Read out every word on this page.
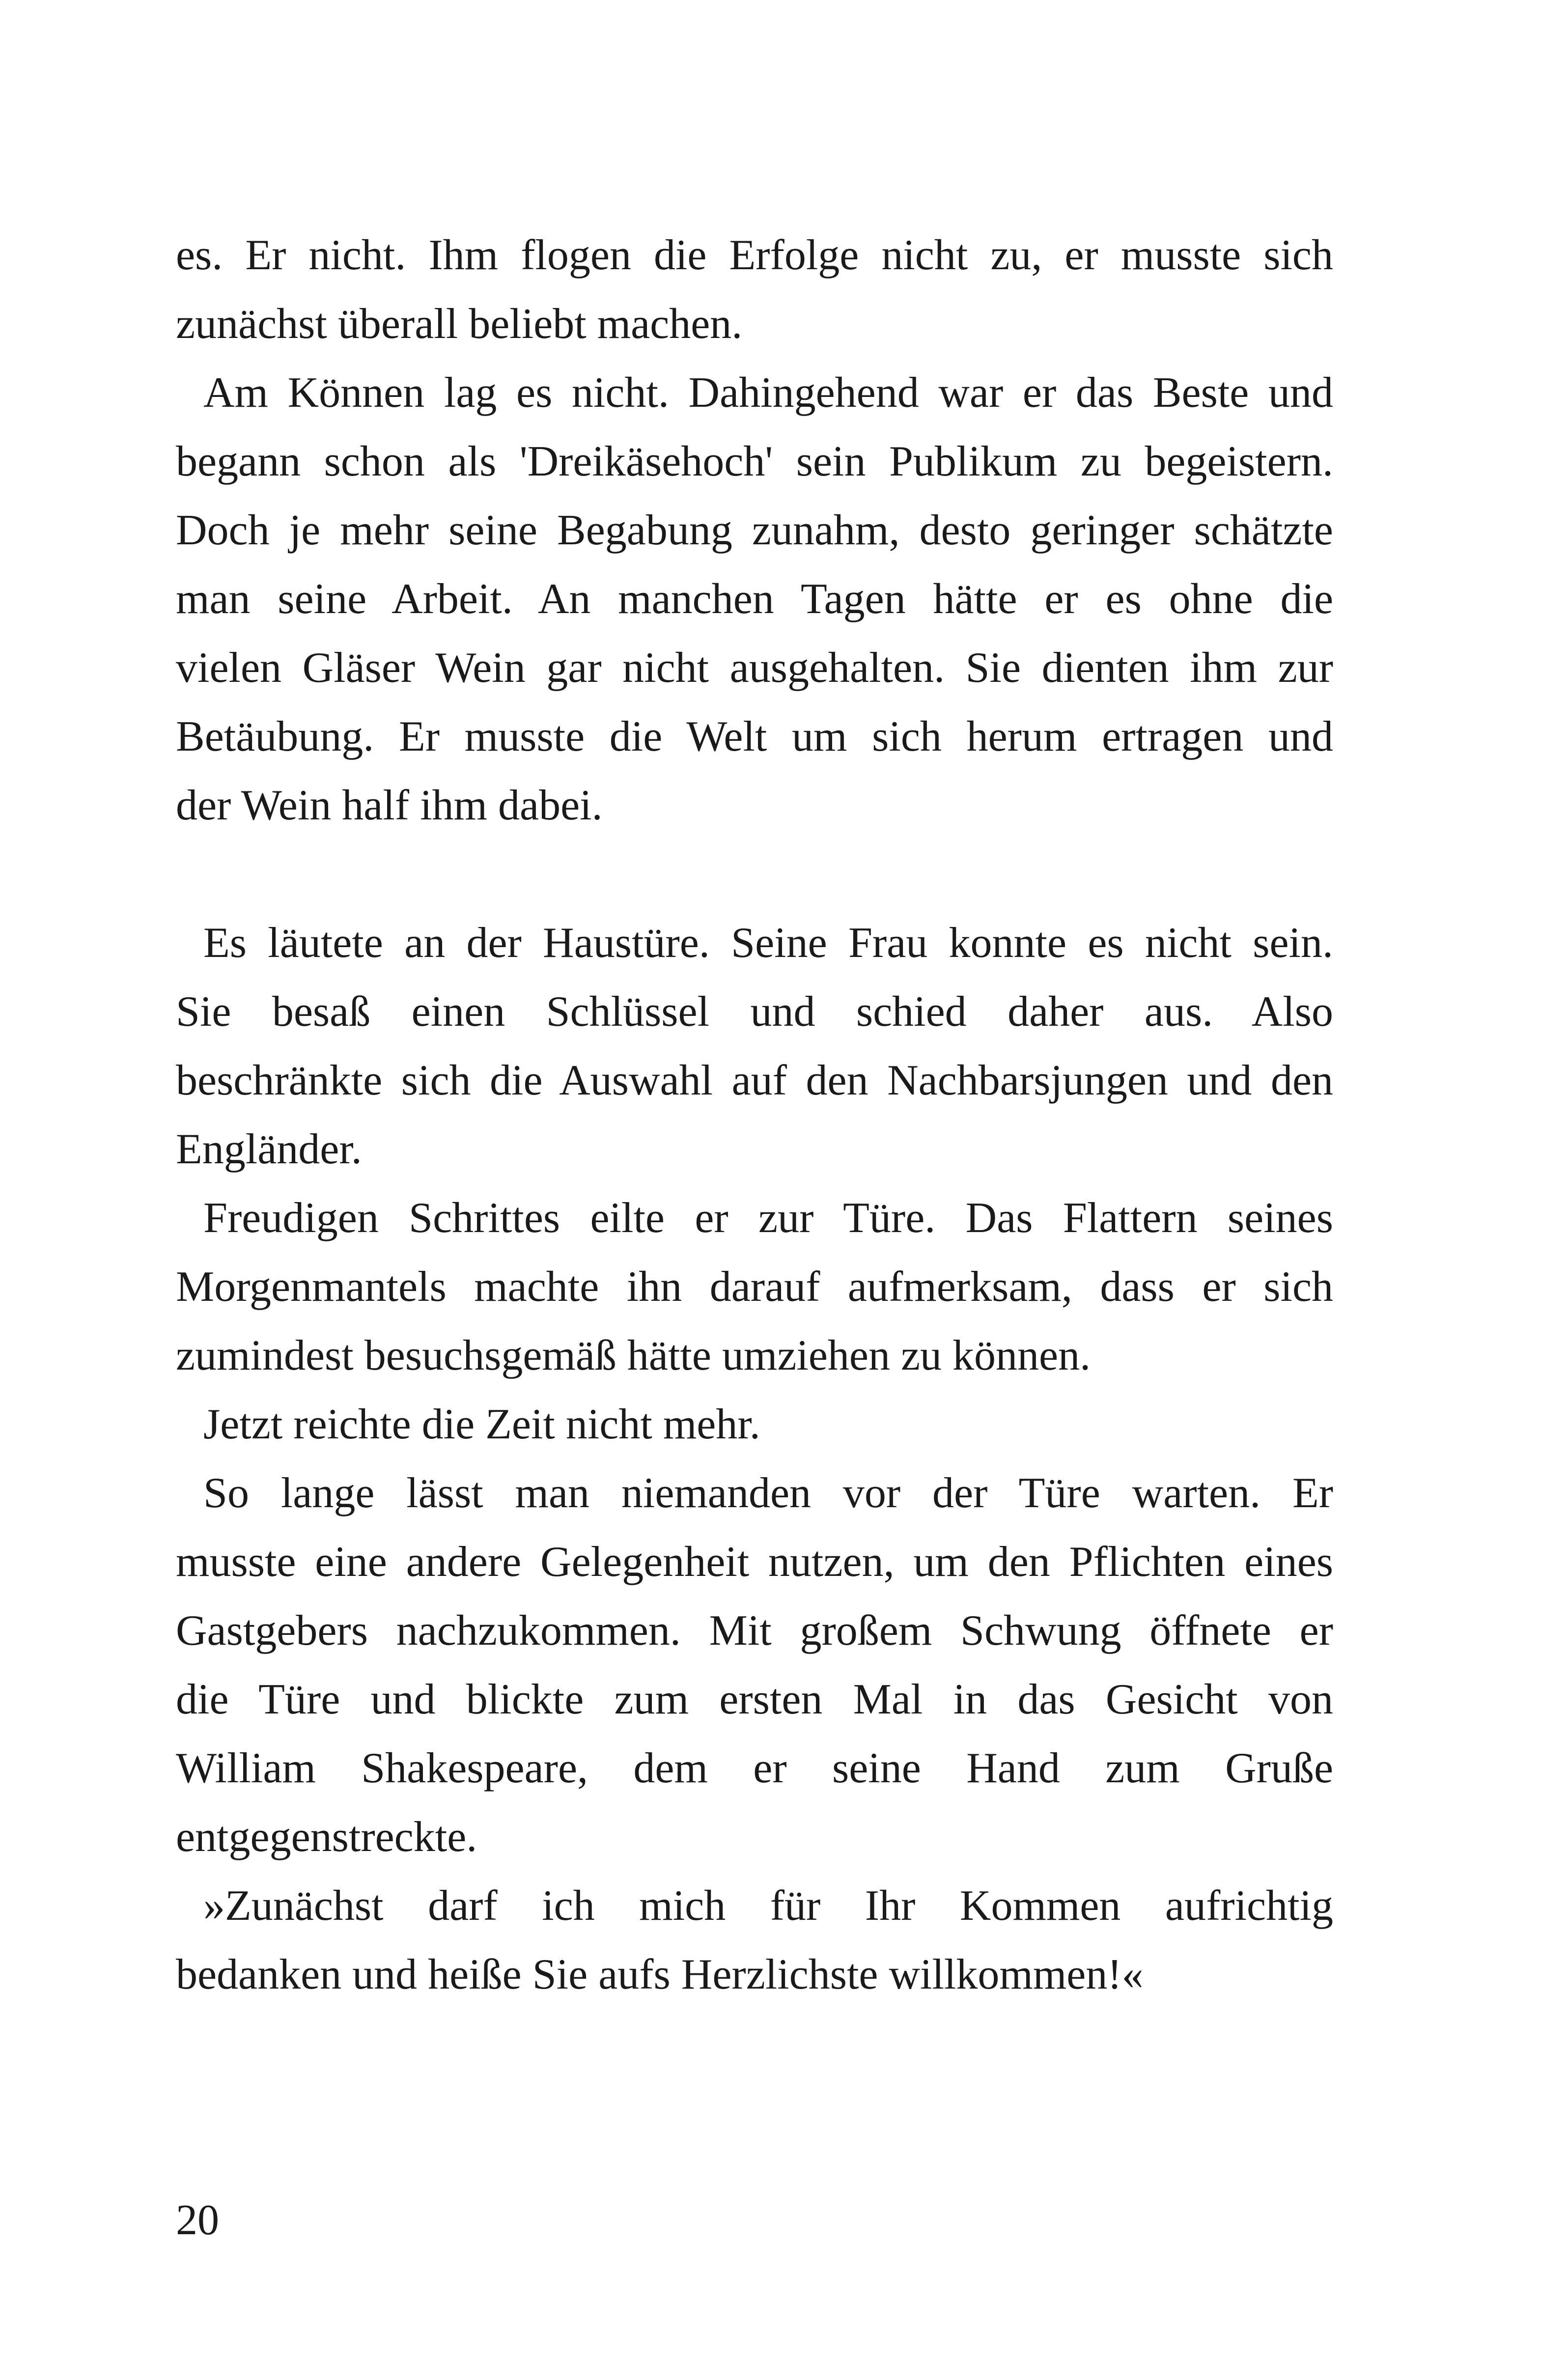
es. Er nicht. Ihm flogen die Erfolge nicht zu, er musste sich
zunächst überall beliebt machen.
Am Können lag es nicht. Dahingehend war er das Beste und
begann schon als 'Dreikäsehoch' sein Publikum zu begeistern.
Doch je mehr seine Begabung zunahm, desto geringer schätzte
man seine Arbeit. An manchen Tagen hätte er es ohne die
vielen Gläser Wein gar nicht ausgehalten. Sie dienten ihm zur
Betäubung. Er musste die Welt um sich herum ertragen und
der Wein half ihm dabei.
Es läutete an der Haustüre. Seine Frau konnte es nicht sein.
Sie besaß einen Schlüssel und schied daher aus. Also
beschränkte sich die Auswahl auf den Nachbarsjungen und den
Engländer.
Freudigen Schrittes eilte er zur Türe. Das Flattern seines
Morgenmantels machte ihn darauf aufmerksam, dass er sich
zumindest besuchsgemäß hätte umziehen zu können.
Jetzt reichte die Zeit nicht mehr.
So lange lässt man niemanden vor der Türe warten. Er
musste eine andere Gelegenheit nutzen, um den Pflichten eines
Gastgebers nachzukommen. Mit großem Schwung öffnete er
die Türe und blickte zum ersten Mal in das Gesicht von
William Shakespeare, dem er seine Hand zum Gruße
entgegenstreckte.
»Zunächst darf ich mich für Ihr Kommen aufrichtig
bedanken und heiße Sie aufs Herzlichste willkommen!«
20
